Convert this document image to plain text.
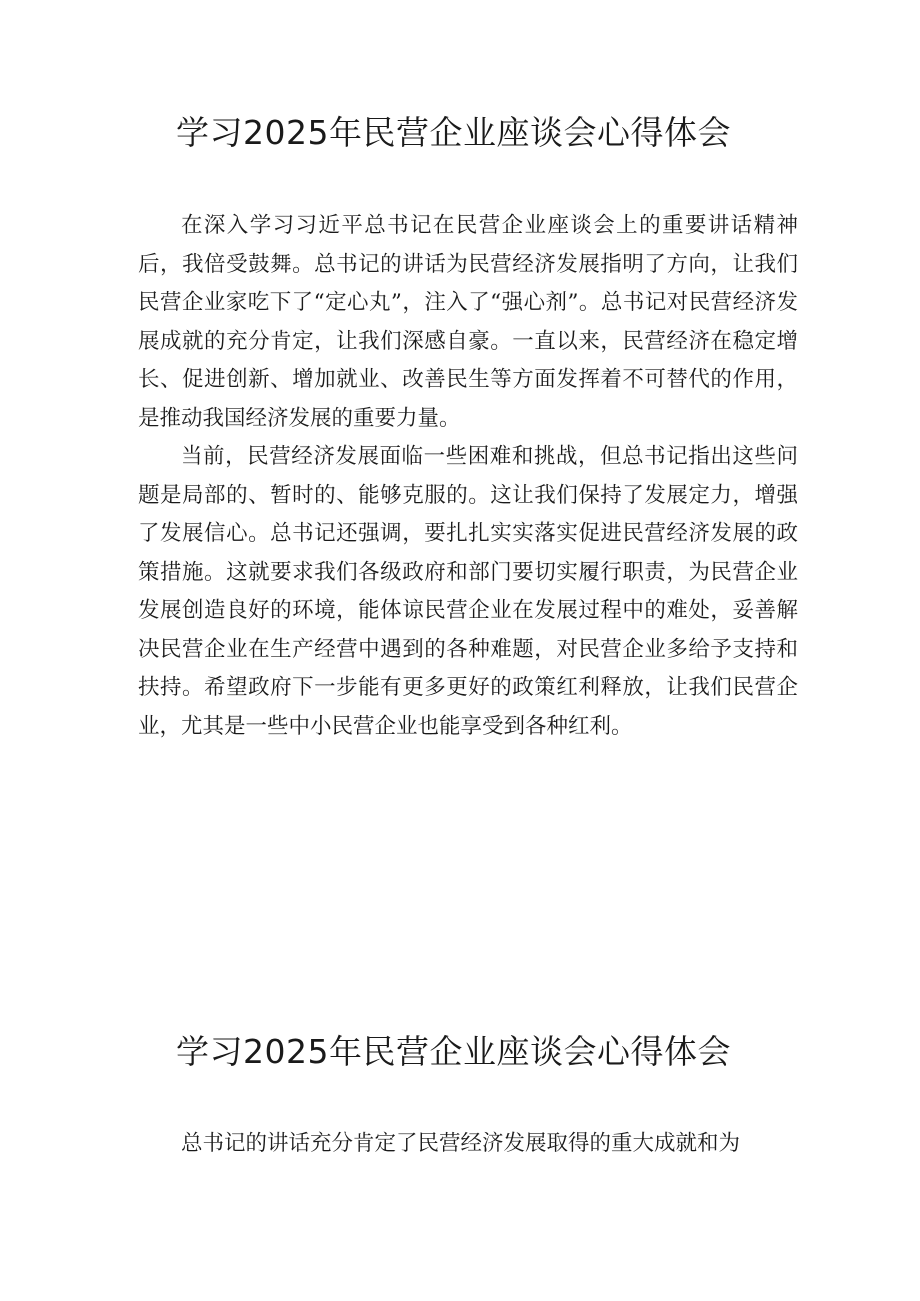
学习2025年民营企业座谈会心得体会

在深入学习习近平总书记在民营企业座谈会上的重要讲话精神后，我倍受鼓舞。总书记的讲话为民营经济发展指明了方向，让我们民营企业家吃下了“定心丸”，注入了“强心剂”。总书记对民营经济发展成就的充分肯定，让我们深感自豪。一直以来，民营经济在稳定增长、促进创新、增加就业、改善民生等方面发挥着不可替代的作用，是推动我国经济发展的重要力量。

当前，民营经济发展面临一些困难和挑战，但总书记指出这些问题是局部的、暂时的、能够克服的。这让我们保持了发展定力，增强了发展信心。总书记还强调，要扎扎实实落实促进民营经济发展的政策措施。这就要求我们各级政府和部门要切实履行职责，为民营企业发展创造良好的环境，能体谅民营企业在发展过程中的难处，妥善解决民营企业在生产经营中遇到的各种难题，对民营企业多给予支持和扶持。希望政府下一步能有更多更好的政策红利释放，让我们民营企业，尤其是一些中小民营企业也能享受到各种红利。

学习2025年民营企业座谈会心得体会

总书记的讲话充分肯定了民营经济发展取得的重大成就和为
